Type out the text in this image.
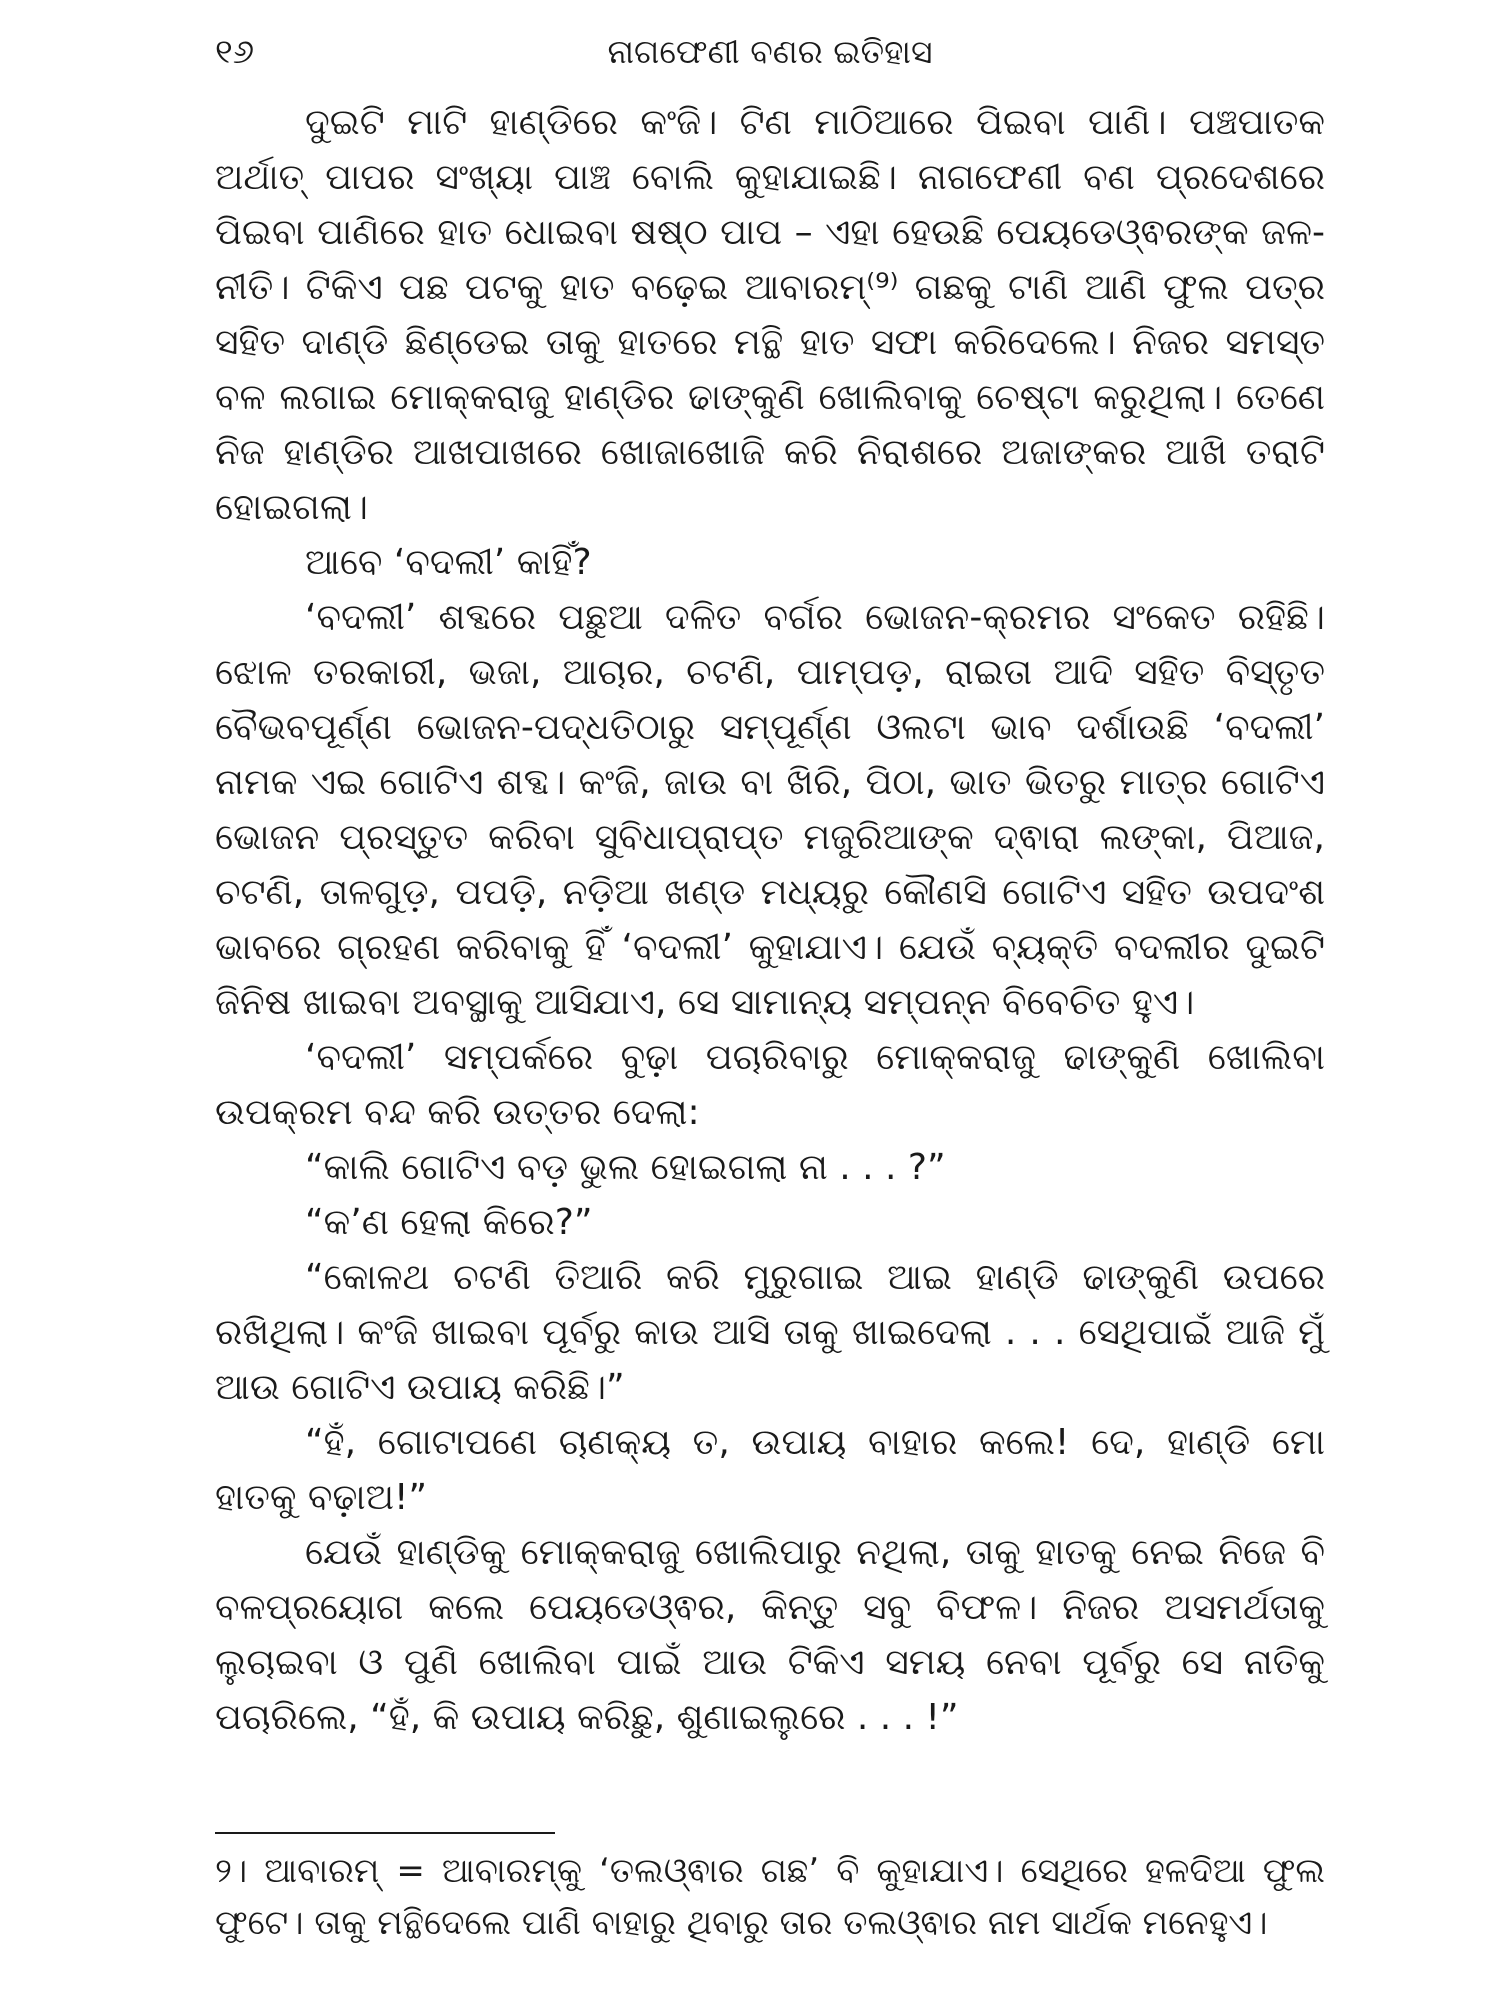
୧୬	ନାଗଫେଣୀ ବଣର ଇତିହାସ

ଦୁଇଟି ମାଟି ହାଣ୍ଡିରେ କଂଜି। ଟିଣ ମାଠିଆରେ ପିଇବା ପାଣି। ପଞ୍ଚପାତକ ଅର୍ଥାତ୍ ପାପର ସଂଖ୍ୟା ପାଞ୍ଚ ବୋଲି କୁହାଯାଇଛି। ନାଗଫେଣୀ ବଣ ପ୍ରଦେଶରେ ପିଇବା ପାଣିରେ ହାତ ଧୋଇବା ଷଷ୍ଠ ପାପ – ଏହା ହେଉଛି ପେୟଡେଓ୍ଵରଙ୍କ ଜଳ-ନୀତି। ଟିକିଏ ପଛ ପଟକୁ ହାତ ବଢ଼େଇ ଆବାରମ୍⁽⁹⁾ ଗଛକୁ ଟାଣି ଆଣି ଫୁଲ ପତ୍ର ସହିତ ଦାଣ୍ଡି ଛିଣ୍ଡେଇ ତାକୁ ହାତରେ ମନ୍ଥି ହାତ ସଫା କରିଦେଲେ। ନିଜର ସମସ୍ତ ବଳ ଲଗାଇ ମୋକ୍କରାଜୁ ହାଣ୍ଡିର ଢାଙ୍କୁଣି ଖୋଲିବାକୁ ଚେଷ୍ଟା କରୁଥିଲା। ତେଣେ ନିଜ ହାଣ୍ଡିର ଆଖପାଖରେ ଖୋଜାଖୋଜି କରି ନିରାଶରେ ଅଜାଙ୍କର ଆଖି ତରାଟି ହୋଇଗଲା।

ଆବେ ‘ବଦଲୀ’ କାହିଁ?

‘ବଦଲୀ’ ଶବ୍ଦରେ ପଛୁଆ ଦଳିତ ବର୍ଗର ଭୋଜନ-କ୍ରମର ସଂକେତ ରହିଛି। ଝୋଳ ତରକାରୀ, ଭଜା, ଆଚାର, ଚଟଣି, ପାମ୍ପଡ଼, ରାଇତା ଆଦି ସହିତ ବିସ୍ତୃତ ବୈଭବପୂର୍ଣ୍ଣ ଭୋଜନ-ପଦ୍ଧତିଠାରୁ ସମ୍ପୂର୍ଣ୍ଣ ଓଲଟା ଭାବ ଦର୍ଶାଉଛି ‘ବଦଲୀ’ ନାମକ ଏଇ ଗୋଟିଏ ଶବ୍ଦ। କଂଜି, ଜାଉ ବା ଖିରି, ପିଠା, ଭାତ ଭିତରୁ ମାତ୍ର ଗୋଟିଏ ଭୋଜନ ପ୍ରସ୍ତୁତ କରିବା ସୁବିଧାପ୍ରାପ୍ତ ମଜୁରିଆଙ୍କ ଦ୍ଵାରା ଲଙ୍କା, ପିଆଜ, ଚଟଣି, ତାଳଗୁଡ଼, ପପଡ଼ି, ନଡ଼ିଆ ଖଣ୍ଡ ମଧ୍ୟରୁ କୌଣସି ଗୋଟିଏ ସହିତ ଉପଦଂଶ ଭାବରେ ଗ୍ରହଣ କରିବାକୁ ହିଁ ‘ବଦଲୀ’ କୁହାଯାଏ। ଯେଉଁ ବ୍ୟକ୍ତି ବଦଲୀର ଦୁଇଟି ଜିନିଷ ଖାଇବା ଅବସ୍ଥାକୁ ଆସିଯାଏ, ସେ ସାମାନ୍ୟ ସମ୍ପନ୍ନ ବିବେଚିତ ହୁଏ।

‘ବଦଲୀ’ ସମ୍ପର୍କରେ ବୁଢ଼ା ପଚାରିବାରୁ ମୋକ୍କରାଜୁ ଢାଙ୍କୁଣି ଖୋଲିବା ଉପକ୍ରମ ବନ୍ଦ କରି ଉତ୍ତର ଦେଲା:

“କାଲି ଗୋଟିଏ ବଡ଼ ଭୁଲ ହୋଇଗଲା ନା . . . ?”

“କ’ଣ ହେଲା କିରେ?”

“କୋଳଥ ଚଟଣି ତିଆରି କରି ମୁରୁଗାଇ ଆଇ ହାଣ୍ଡି ଢାଙ୍କୁଣି ଉପରେ ରଖିଥିଲା। କଂଜି ଖାଇବା ପୂର୍ବରୁ କାଉ ଆସି ତାକୁ ଖାଇଦେଲା . . . ସେଥିପାଇଁ ଆଜି ମୁଁ ଆଉ ଗୋଟିଏ ଉପାୟ କରିଛି।”

“ହଁ, ଗୋଟାପଣେ ଚାଣକ୍ୟ ତ, ଉପାୟ ବାହାର କଲେ! ଦେ, ହାଣ୍ଡି ମୋ ହାତକୁ ବଢ଼ାଅ!”

ଯେଉଁ ହାଣ୍ଡିକୁ ମୋକ୍କରାଜୁ ଖୋଲିପାରୁ ନଥିଲା, ତାକୁ ହାତକୁ ନେଇ ନିଜେ ବି ବଳପ୍ରୟୋଗ କଲେ ପେୟଡେଓ୍ଵର, କିନ୍ତୁ ସବୁ ବିଫଳ। ନିଜର ଅସମର୍ଥତାକୁ ଲୁଚାଇବା ଓ ପୁଣି ଖୋଲିବା ପାଇଁ ଆଉ ଟିକିଏ ସମୟ ନେବା ପୂର୍ବରୁ ସେ ନାତିକୁ ପଚାରିଲେ, “ହଁ, କି ଉପାୟ କରିଛୁ, ଶୁଣାଇଲୁରେ . . . !”

୨। ଆବାରମ୍ = ଆବାରମ୍‌କୁ ‘ତଲଓ୍ଵାର ଗଛ’ ବି କୁହାଯାଏ। ସେଥିରେ ହଳଦିଆ ଫୁଲ ଫୁଟେ। ତାକୁ ମନ୍ଥିଦେଲେ ପାଣି ବାହାରୁ ଥିବାରୁ ତାର ତଲଓ୍ଵାର ନାମ ସାର୍ଥକ ମନେହୁଏ।
